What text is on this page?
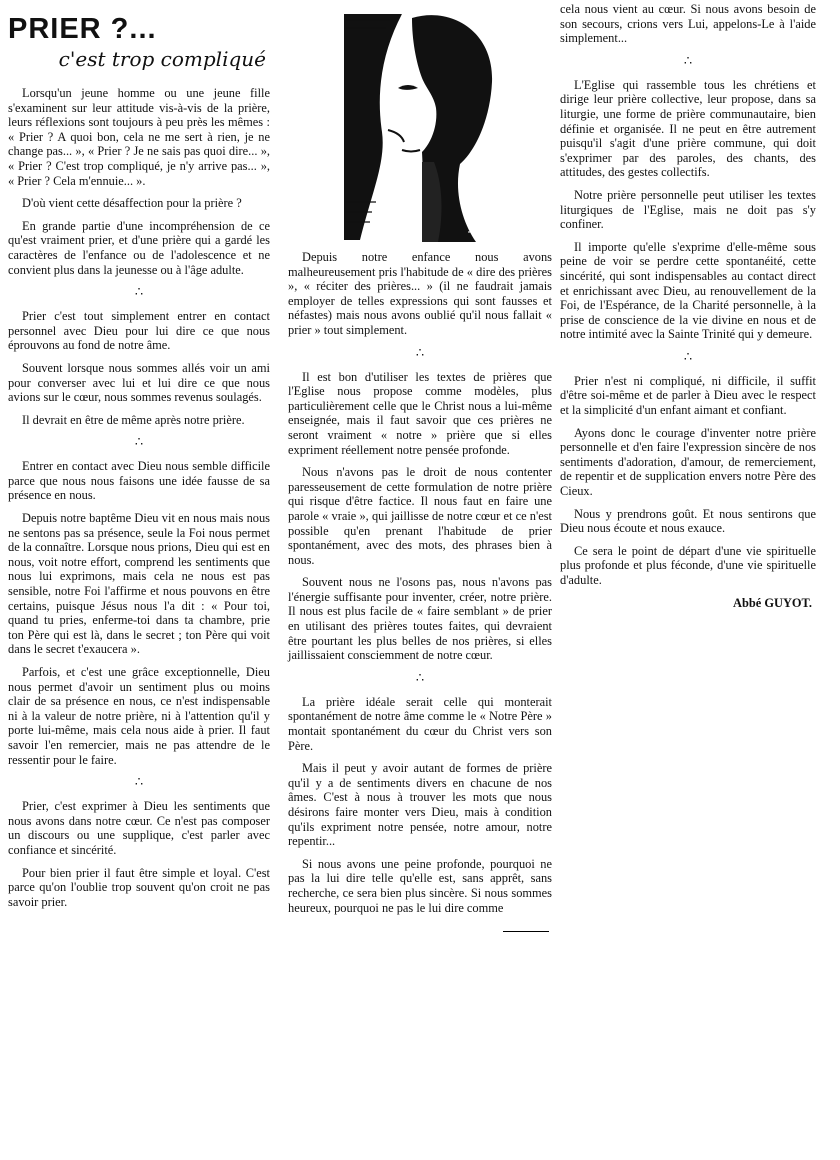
PRIER ?...
c'est trop compliqué

Lorsqu'un jeune homme ou une jeune fille s'examinent sur leur attitude vis-à-vis de la prière, leurs réflexions sont toujours à peu près les mêmes : « Prier ? A quoi bon, cela ne me sert à rien, je ne change pas... », « Prier ? Je ne sais pas quoi dire... », « Prier ? C'est trop compliqué, je n'y arrive pas... », « Prier ? Cela m'ennuie... ».

D'où vient cette désaffection pour la prière ?

En grande partie d'une incompréhension de ce qu'est vraiment prier, et d'une prière qui a gardé les caractères de l'enfance ou de l'adolescence et ne convient plus dans la jeunesse ou à l'âge adulte.

∴

Prier c'est tout simplement entrer en contact personnel avec Dieu pour lui dire ce que nous éprouvons au fond de notre âme.

Souvent lorsque nous sommes allés voir un ami pour converser avec lui et lui dire ce que nous avions sur le cœur, nous sommes revenus soulagés.

Il devrait en être de même après notre prière.

∴

Entrer en contact avec Dieu nous semble difficile parce que nous nous faisons une idée fausse de sa présence en nous.

Depuis notre baptême Dieu vit en nous mais nous ne sentons pas sa présence, seule la Foi nous permet de la connaître. Lorsque nous prions, Dieu qui est en nous, voit notre effort, comprend les sentiments que nous lui exprimons, mais cela ne nous est pas sensible, notre Foi l'affirme et nous pouvons en être certains, puisque Jésus nous l'a dit : « Pour toi, quand tu pries, enferme-toi dans ta chambre, prie ton Père qui est là, dans le secret ; ton Père qui voit dans le secret t'exaucera ».

Parfois, et c'est une grâce exceptionnelle, Dieu nous permet d'avoir un sentiment plus ou moins clair de sa présence en nous, ce n'est indispensable ni à la valeur de notre prière, ni à l'attention qu'il y porte lui-même, mais cela nous aide à prier. Il faut savoir l'en remercier, mais ne pas attendre de le ressentir pour le faire.

∴

Prier, c'est exprimer à Dieu les sentiments que nous avons dans notre cœur. Ce n'est pas composer un discours ou une supplique, c'est parler avec confiance et sincérité.

Pour bien prier il faut être simple et loyal. C'est parce qu'on l'oublie trop souvent qu'on croit ne pas savoir prier.

Depuis notre enfance nous avons malheureusement pris l'habitude de « dire des prières », « réciter des prières... » (il ne faudrait jamais employer de telles expressions qui sont fausses et néfastes) mais nous avons oublié qu'il nous fallait « prier » tout simplement.

∴

Il est bon d'utiliser les textes de prières que l'Eglise nous propose comme modèles, plus particulièrement celle que le Christ nous a lui-même enseignée, mais il faut savoir que ces prières ne seront vraiment « notre » prière que si elles expriment réellement notre pensée profonde.

Nous n'avons pas le droit de nous contenter paresseusement de cette formulation de notre prière qui risque d'être factice. Il nous faut en faire une parole « vraie », qui jaillisse de notre cœur et ce n'est possible qu'en prenant l'habitude de prier spontanément, avec des mots, des phrases bien à nous.

Souvent nous ne l'osons pas, nous n'avons pas l'énergie suffisante pour inventer, créer, notre prière. Il nous est plus facile de « faire semblant » de prier en utilisant des prières toutes faites, qui devraient être pourtant les plus belles de nos prières, si elles jaillissaient consciemment de notre cœur.

∴

La prière idéale serait celle qui monterait spontanément de notre âme comme le « Notre Père » montait spontanément du cœur du Christ vers son Père.

Mais il peut y avoir autant de formes de prière qu'il y a de sentiments divers en chacune de nos âmes. C'est à nous à trouver les mots que nous désirons faire monter vers Dieu, mais à condition qu'ils expriment notre pensée, notre amour, notre repentir...

Si nous avons une peine profonde, pourquoi ne pas la lui dire telle qu'elle est, sans apprêt, sans recherche, ce sera bien plus sincère. Si nous sommes heureux, pourquoi ne pas le lui dire comme

cela nous vient au cœur. Si nous avons besoin de son secours, crions vers Lui, appelons-Le à l'aide simplement...

∴

L'Eglise qui rassemble tous les chrétiens et dirige leur prière collective, leur propose, dans sa liturgie, une forme de prière communautaire, bien définie et organisée. Il ne peut en être autrement puisqu'il s'agit d'une prière commune, qui doit s'exprimer par des paroles, des chants, des attitudes, des gestes collectifs.

Notre prière personnelle peut utiliser les textes liturgiques de l'Eglise, mais ne doit pas s'y confiner.

Il importe qu'elle s'exprime d'elle-même sous peine de voir se perdre cette spontanéité, cette sincérité, qui sont indispensables au contact direct et enrichissant avec Dieu, au renouvellement de la Foi, de l'Espérance, de la Charité personnelle, à la prise de conscience de la vie divine en nous et de notre intimité avec la Sainte Trinité qui y demeure.

∴

Prier n'est ni compliqué, ni difficile, il suffit d'être soi-même et de parler à Dieu avec le respect et la simplicité d'un enfant aimant et confiant.

Ayons donc le courage d'inventer notre prière personnelle et d'en faire l'expression sincère de nos sentiments d'adoration, d'amour, de remerciement, de repentir et de supplication envers notre Père des Cieux.

Nous y prendrons goût. Et nous sentirons que Dieu nous écoute et nous exauce.

Ce sera le point de départ d'une vie spirituelle plus profonde et plus féconde, d'une vie spirituelle d'adulte.

Abbé GUYOT.
